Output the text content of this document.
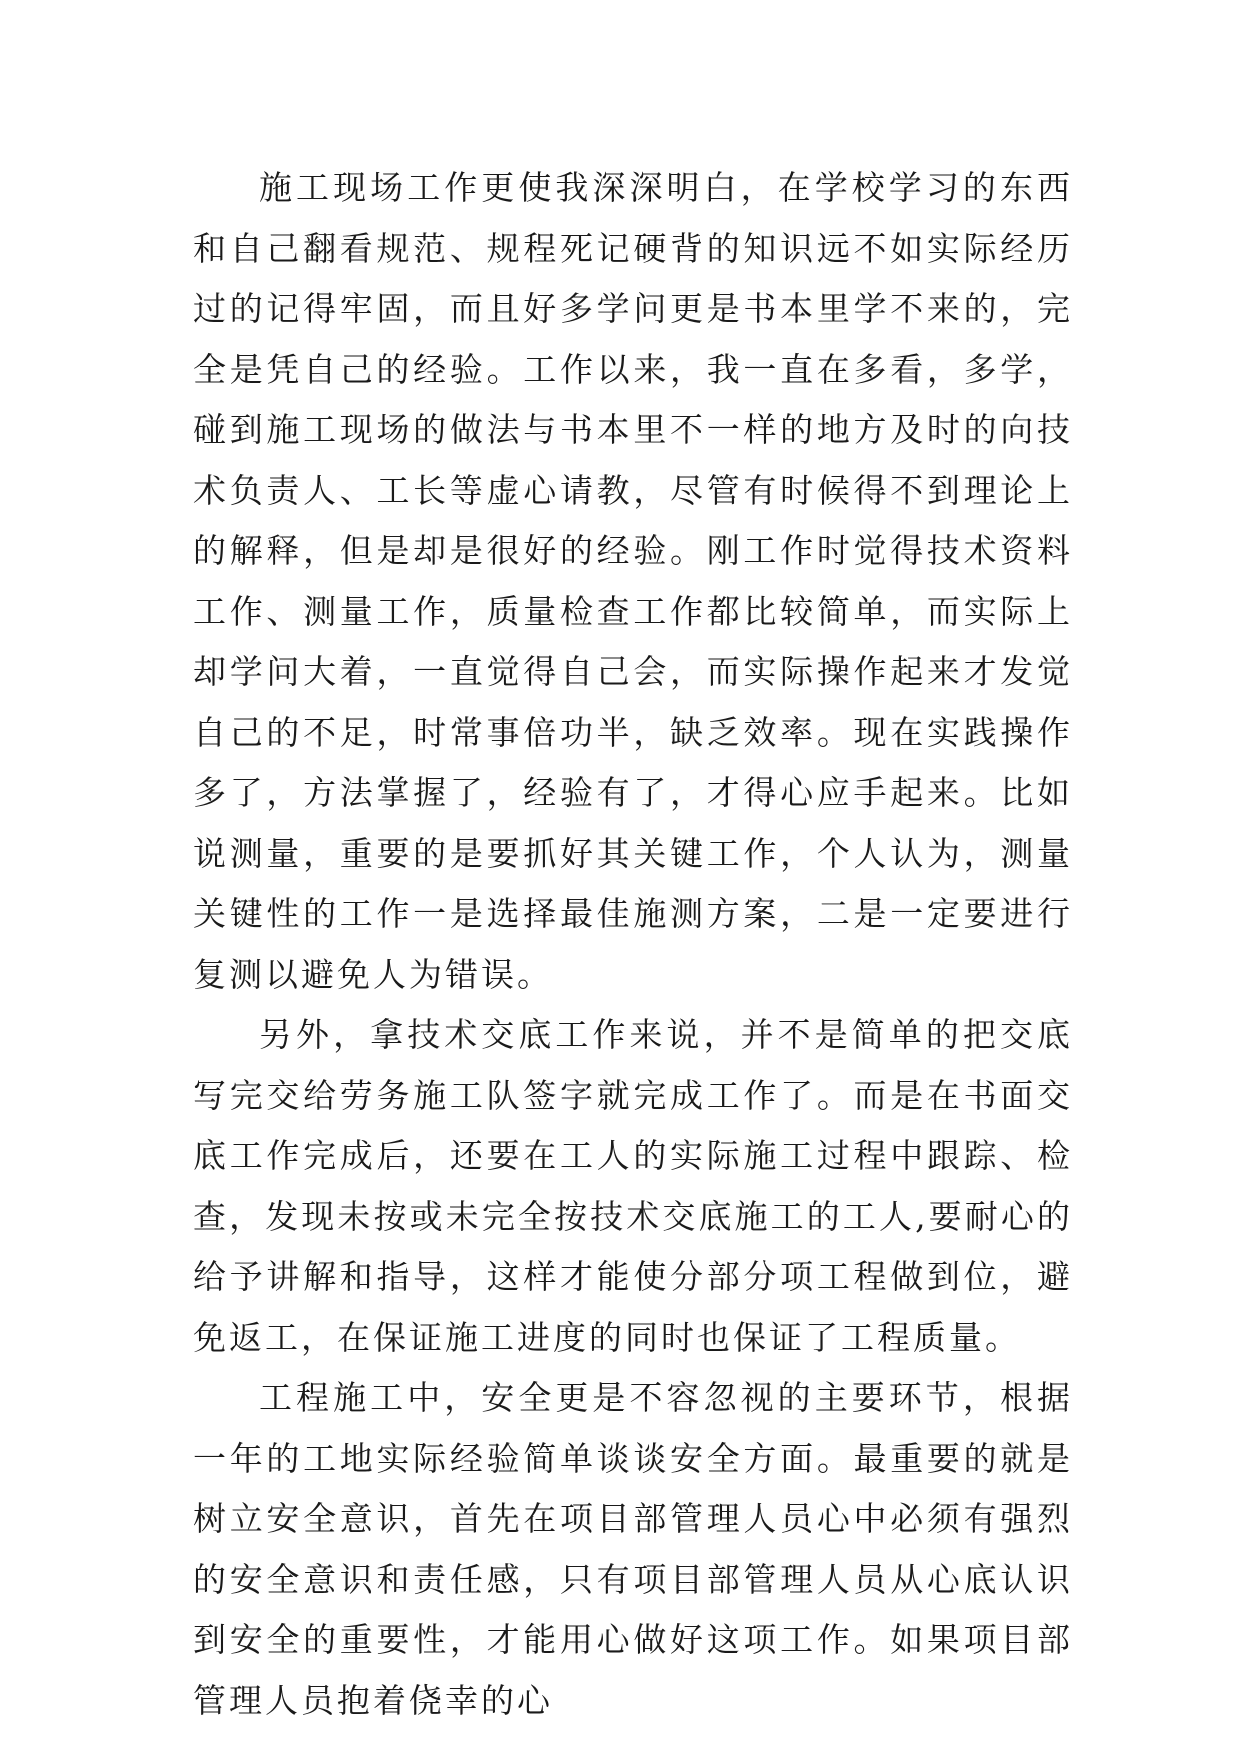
施工现场工作更使我深深明白，在学校学习的东西和自己翻看规范、规程死记硬背的知识远不如实际经历过的记得牢固，而且好多学问更是书本里学不来的，完全是凭自己的经验。工作以来，我一直在多看，多学，碰到施工现场的做法与书本里不一样的地方及时的向技术负责人、工长等虚心请教，尽管有时候得不到理论上的解释，但是却是很好的经验。刚工作时觉得技术资料工作、测量工作，质量检查工作都比较简单，而实际上却学问大着，一直觉得自己会，而实际操作起来才发觉自己的不足，时常事倍功半，缺乏效率。现在实践操作多了，方法掌握了，经验有了，才得心应手起来。比如说测量，重要的是要抓好其关键工作，个人认为，测量关键性的工作一是选择最佳施测方案，二是一定要进行复测以避免人为错误。

另外，拿技术交底工作来说，并不是简单的把交底写完交给劳务施工队签字就完成工作了。而是在书面交底工作完成后，还要在工人的实际施工过程中跟踪、检查，发现未按或未完全按技术交底施工的工人,要耐心的给予讲解和指导，这样才能使分部分项工程做到位，避免返工，在保证施工进度的同时也保证了工程质量。

工程施工中，安全更是不容忽视的主要环节，根据一年的工地实际经验简单谈谈安全方面。最重要的就是树立安全意识，首先在项目部管理人员心中必须有强烈的安全意识和责任感，只有项目部管理人员从心底认识到安全的重要性，才能用心做好这项工作。如果项目部管理人员抱着侥幸的心
